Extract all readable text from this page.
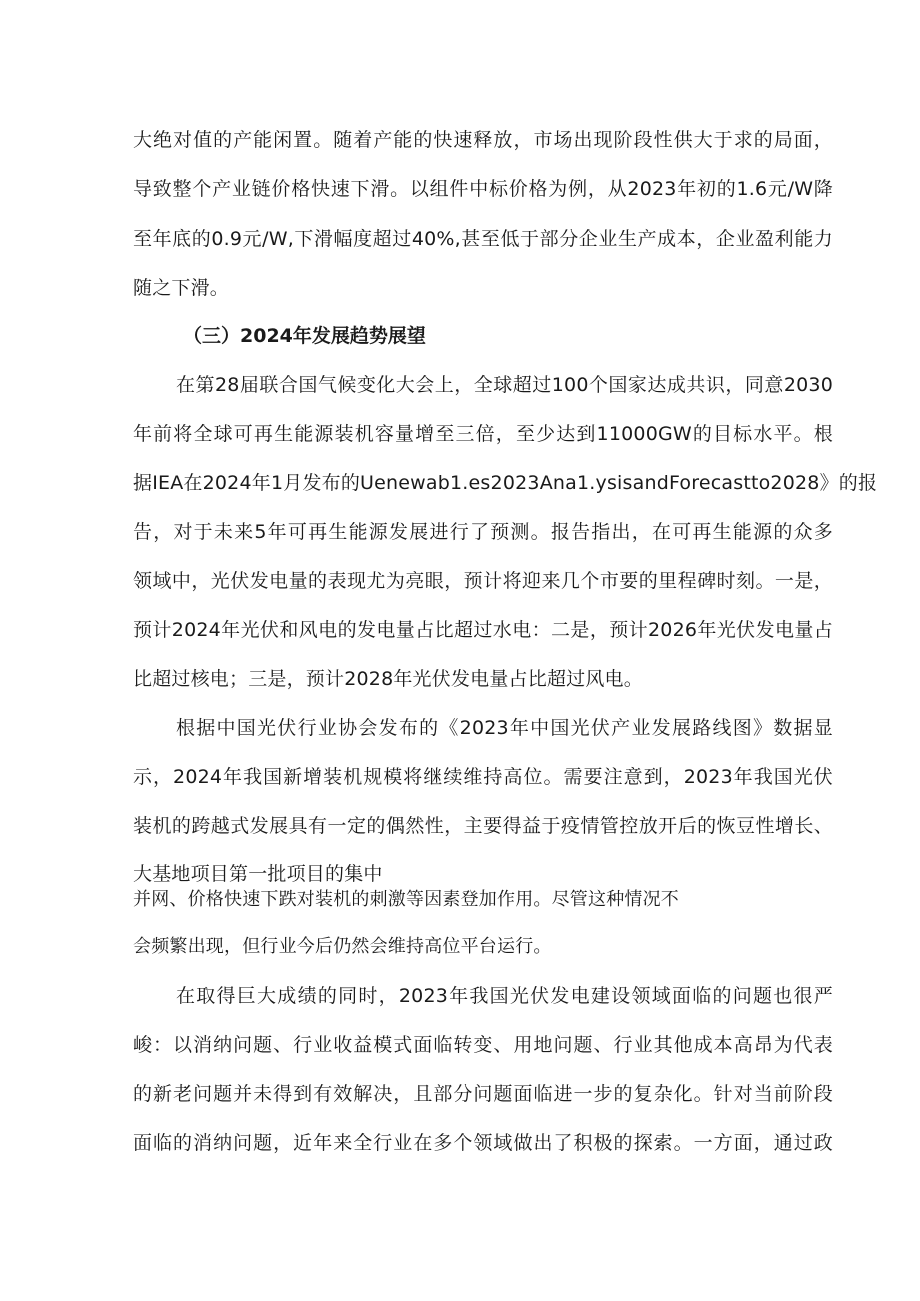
大绝对值的产能闲置。随着产能的快速释放，市场出现阶段性供大于求的局面，
导致整个产业链价格快速下滑。以组件中标价格为例，从2023年初的1.6元/W降
至年底的0.9元/W,下滑幅度超过40%,甚至低于部分企业生产成本，企业盈利能力
随之下滑。
（三）2024年发展趋势展望
在第28届联合国气候变化大会上，全球超过100个国家达成共识，同意2030
年前将全球可再生能源装机容量增至三倍，至少达到11000GW的目标水平。根
据IEA在2024年1月发布的Uenewab1.es2023Ana1.ysisandForecastto2028》的报
告，对于未来5年可再生能源发展进行了预测。报告指出，在可再生能源的众多
领域中，光伏发电量的表现尤为亮眼，预计将迎来几个市要的里程碑时刻。一是，
预计2024年光伏和风电的发电量占比超过水电：二是，预计2026年光伏发电量占
比超过核电；三是，预计2028年光伏发电量占比超过风电。
根据中国光伏行业协会发布的《2023年中国光伏产业发展路线图》数据显
示，2024年我国新增装机规模将继续维持高位。需要注意到，2023年我国光伏
装机的跨越式发展具有一定的偶然性，主要得益于疫情管控放开后的恢豆性增长、
大基地项目第一批项目的集中
并网、价格快速下跌对装机的刺激等因素登加作用。尽管这种情况不
会频繁出现，但行业今后仍然会维持高位平台运行。
在取得巨大成绩的同时，2023年我国光伏发电建设领域面临的问题也很严
峻：以消纳问题、行业收益模式面临转变、用地问题、行业其他成本高昂为代表
的新老问题并未得到有效解决，且部分问题面临进一步的复杂化。针对当前阶段
面临的消纳问题，近年来全行业在多个领域做出了积极的探索。一方面，通过政
